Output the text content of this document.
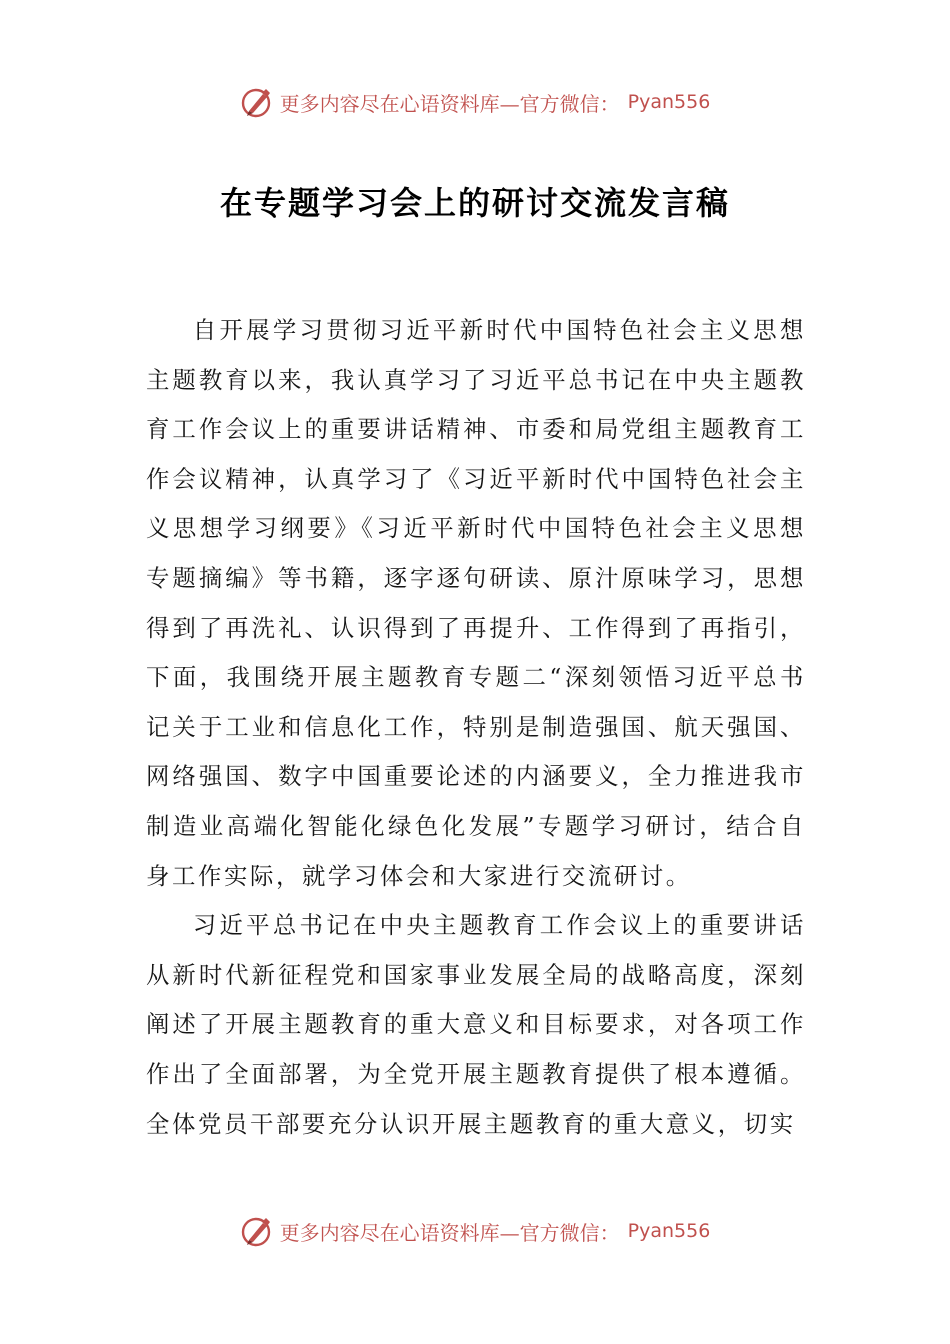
更多内容尽在心语资料库—官方微信： Pyan556
在专题学习会上的研讨交流发言稿

自开展学习贯彻习近平新时代中国特色社会主义思想主题教育以来，我认真学习了习近平总书记在中央主题教育工作会议上的重要讲话精神、市委和局党组主题教育工作会议精神，认真学习了《习近平新时代中国特色社会主义思想学习纲要》《习近平新时代中国特色社会主义思想专题摘编》等书籍，逐字逐句研读、原汁原味学习，思想得到了再洗礼、认识得到了再提升、工作得到了再指引，下面，我围绕开展主题教育专题二“深刻领悟习近平总书记关于工业和信息化工作，特别是制造强国、航天强国、网络强国、数字中国重要论述的内涵要义，全力推进我市制造业高端化智能化绿色化发展”专题学习研讨，结合自身工作实际，就学习体会和大家进行交流研讨。

习近平总书记在中央主题教育工作会议上的重要讲话从新时代新征程党和国家事业发展全局的战略高度，深刻阐述了开展主题教育的重大意义和目标要求，对各项工作作出了全面部署，为全党开展主题教育提供了根本遵循。全体党员干部要充分认识开展主题教育的重大意义，切实

更多内容尽在心语资料库—官方微信： Pyan556
